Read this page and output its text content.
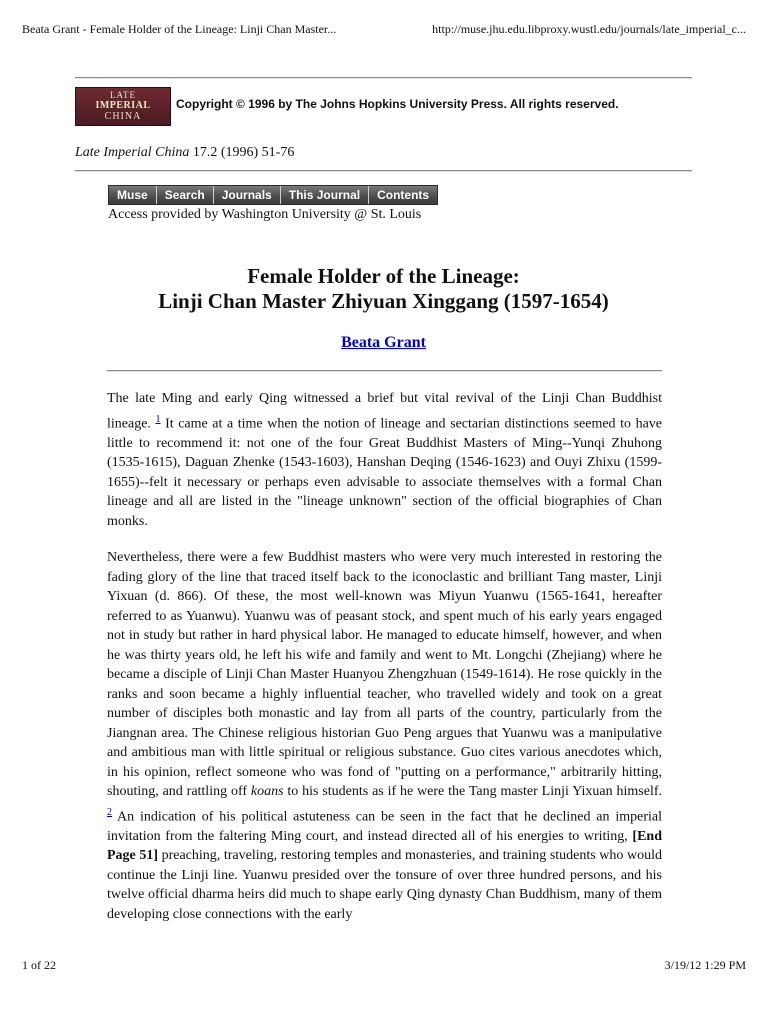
Beata Grant - Female Holder of the Lineage: Linji Chan Master...	http://muse.jhu.edu.libproxy.wustl.edu/journals/late_imperial_c...
LATE
IMPERIAL
CHINA
Copyright © 1996 by The Johns Hopkins University Press. All rights reserved.
Late Imperial China 17.2 (1996) 51-76
Muse	Search	Journals	This Journal	Contents
Access provided by Washington University @ St. Louis
Female Holder of the Lineage:
Linji Chan Master Zhiyuan Xinggang (1597-1654)
Beata Grant

The late Ming and early Qing witnessed a brief but vital revival of the Linji Chan Buddhist lineage. $^1$ It came at a time when the notion of lineage and sectarian distinctions seemed to have little to recommend it: not one of the four Great Buddhist Masters of Ming--Yunqi Zhuhong (1535-1615), Daguan Zhenke (1543-1603), Hanshan Deqing (1546-1623) and Ouyi Zhixu (1599-1655)--felt it necessary or perhaps even advisable to associate themselves with a formal Chan lineage and all are listed in the "lineage unknown" section of the official biographies of Chan monks.

Nevertheless, there were a few Buddhist masters who were very much interested in restoring the fading glory of the line that traced itself back to the iconoclastic and brilliant Tang master, Linji Yixuan (d. 866). Of these, the most well-known was Miyun Yuanwu (1565-1641, hereafter referred to as Yuanwu). Yuanwu was of peasant stock, and spent much of his early years engaged not in study but rather in hard physical labor. He managed to educate himself, however, and when he was thirty years old, he left his wife and family and went to Mt. Longchi (Zhejiang) where he became a disciple of Linji Chan Master Huanyou Zhengzhuan (1549-1614). He rose quickly in the ranks and soon became a highly influential teacher, who travelled widely and took on a great number of disciples both monastic and lay from all parts of the country, particularly from the Jiangnan area. The Chinese religious historian Guo Peng argues that Yuanwu was a manipulative and ambitious man with little spiritual or religious substance. Guo cites various anecdotes which, in his opinion, reflect someone who was fond of "putting on a performance," arbitrarily hitting, shouting, and rattling off koans to his students as if he were the Tang master Linji Yixuan himself. $^2$ An indication of his political astuteness can be seen in the fact that he declined an imperial invitation from the faltering Ming court, and instead directed all of his energies to writing, [End Page 51] preaching, traveling, restoring temples and monasteries, and training students who would continue the Linji line. Yuanwu presided over the tonsure of over three hundred persons, and his twelve official dharma heirs did much to shape early Qing dynasty Chan Buddhism, many of them developing close connections with the early

1 of 22	3/19/12 1:29 PM
